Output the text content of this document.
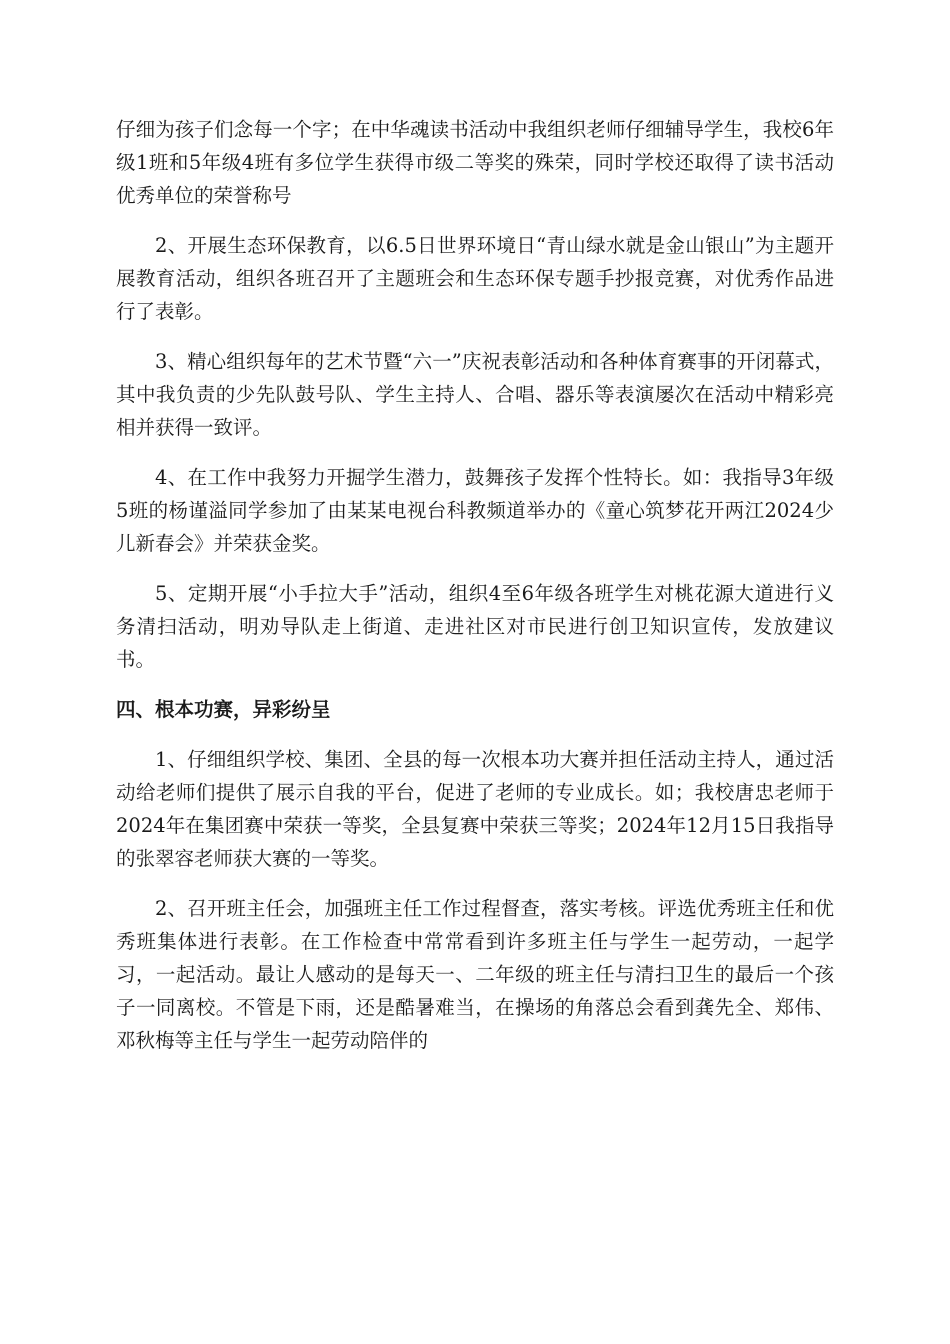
仔细为孩子们念每一个字；在中华魂读书活动中我组织老师仔细辅导学生，我校6年级1班和5年级4班有多位学生获得市级二等奖的殊荣，同时学校还取得了读书活动优秀单位的荣誉称号

2、开展生态环保教育，以6.5日世界环境日“青山绿水就是金山银山”为主题开展教育活动，组织各班召开了主题班会和生态环保专题手抄报竞赛，对优秀作品进行了表彰。

3、精心组织每年的艺术节暨“六一”庆祝表彰活动和各种体育赛事的开闭幕式，其中我负责的少先队鼓号队、学生主持人、合唱、器乐等表演屡次在活动中精彩亮相并获得一致评。

4、在工作中我努力开掘学生潜力，鼓舞孩子发挥个性特长。如：我指导3年级5班的杨谨溢同学参加了由某某电视台科教频道举办的《童心筑梦花开两江2024少儿新春会》并荣获金奖。

5、定期开展“小手拉大手”活动，组织4至6年级各班学生对桃花源大道进行义务清扫活动，明劝导队走上街道、走进社区对市民进行创卫知识宣传，发放建议书。

四、根本功赛，异彩纷呈

1、仔细组织学校、集团、全县的每一次根本功大赛并担任活动主持人，通过活动给老师们提供了展示自我的平台，促进了老师的专业成长。如；我校唐忠老师于2024年在集团赛中荣获一等奖，全县复赛中荣获三等奖；2024年12月15日我指导的张翠容老师获大赛的一等奖。

2、召开班主任会，加强班主任工作过程督查，落实考核。评选优秀班主任和优秀班集体进行表彰。在工作检查中常常看到许多班主任与学生一起劳动，一起学习，一起活动。最让人感动的是每天一、二年级的班主任与清扫卫生的最后一个孩子一同离校。不管是下雨，还是酷暑难当，在操场的角落总会看到龚先全、郑伟、邓秋梅等主任与学生一起劳动陪伴的
